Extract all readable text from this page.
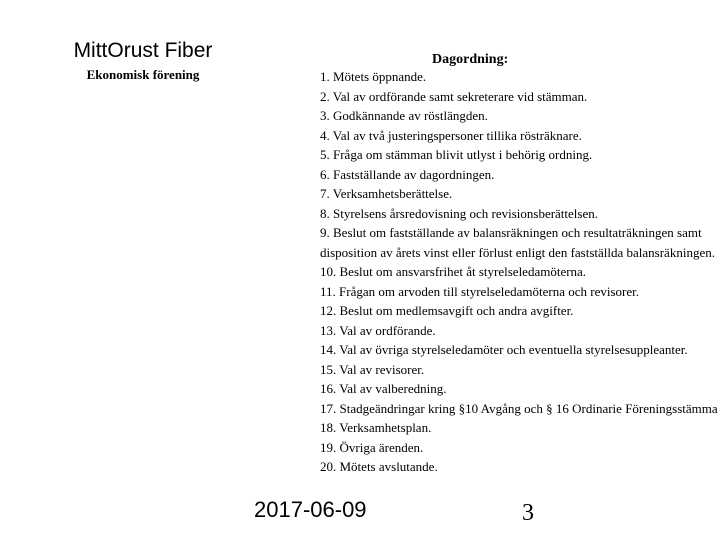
MittOrust Fiber
Ekonomisk förening
Dagordning:
1. Mötets öppnande.
2. Val av ordförande samt sekreterare vid stämman.
3. Godkännande av röstlängden.
4. Val av två justeringspersoner tillika rösträknare.
5. Fråga om stämman blivit utlyst i behörig ordning.
6. Fastställande av dagordningen.
7. Verksamhetsberättelse.
8. Styrelsens årsredovisning och revisionsberättelsen.
9. Beslut om fastställande av balansräkningen och resultaträkningen samt
disposition av årets vinst eller förlust enligt den fastställda balansräkningen.
10. Beslut om ansvarsfrihet åt styrelseledamöterna.
11. Frågan om arvoden till styrelseledamöterna och revisorer.
12. Beslut om medlemsavgift och andra avgifter.
13. Val av ordförande.
14. Val av övriga styrelseledamöter och eventuella styrelsesuppleanter.
15. Val av revisorer.
16. Val av valberedning.
17. Stadgeändringar kring §10 Avgång och § 16 Ordinarie Föreningsstämma
18. Verksamhetsplan.
19. Övriga ärenden.
20. Mötets avslutande.
2017-06-09	3
